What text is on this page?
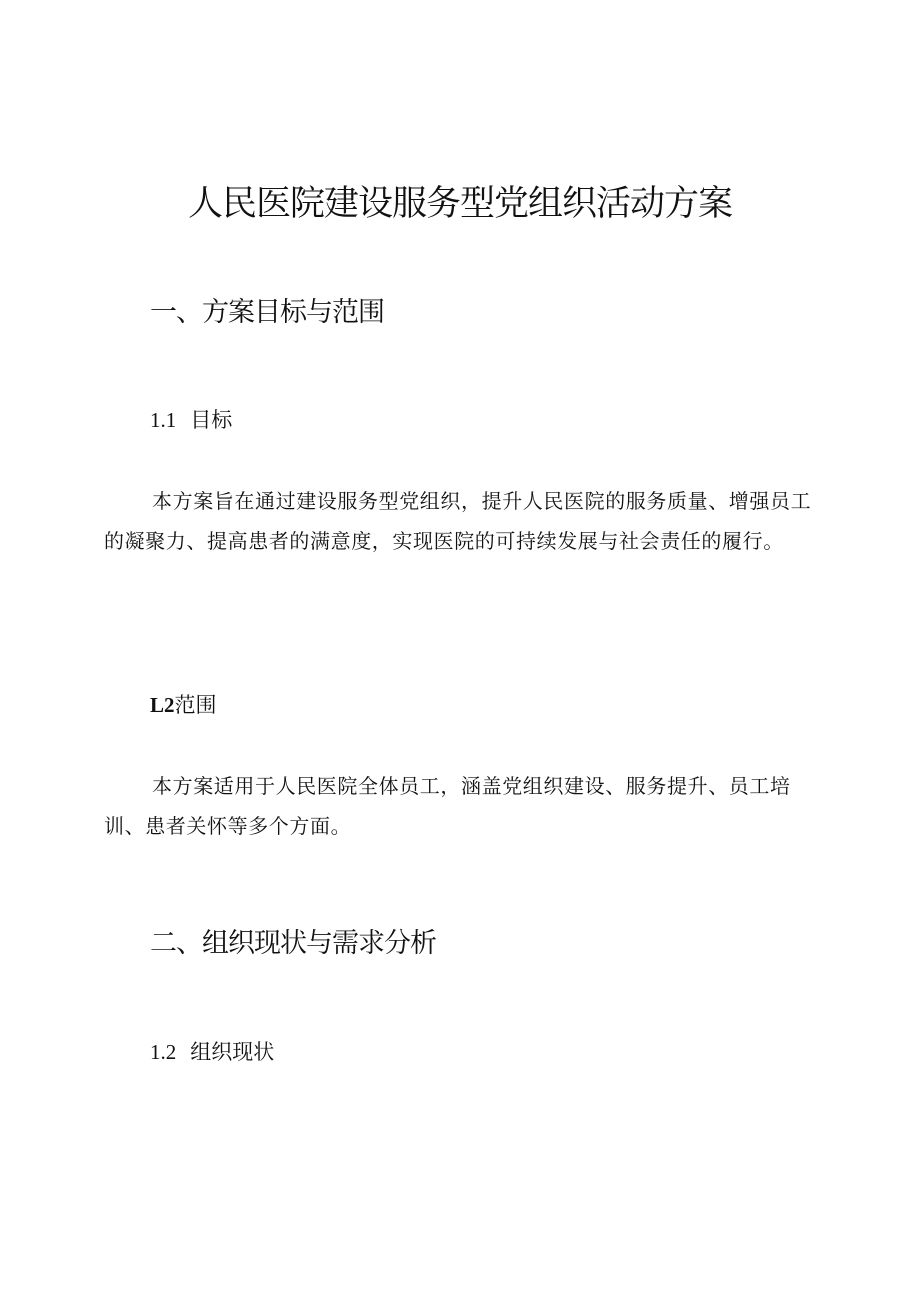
人民医院建设服务型党组织活动方案
一、方案目标与范围
1.1 目标

本方案旨在通过建设服务型党组织，提升人民医院的服务质量、增强员工的凝聚力、提高患者的满意度，实现医院的可持续发展与社会责任的履行。

L2范围

本方案适用于人民医院全体员工，涵盖党组织建设、服务提升、员工培训、患者关怀等多个方面。

二、组织现状与需求分析
1.2 组织现状
